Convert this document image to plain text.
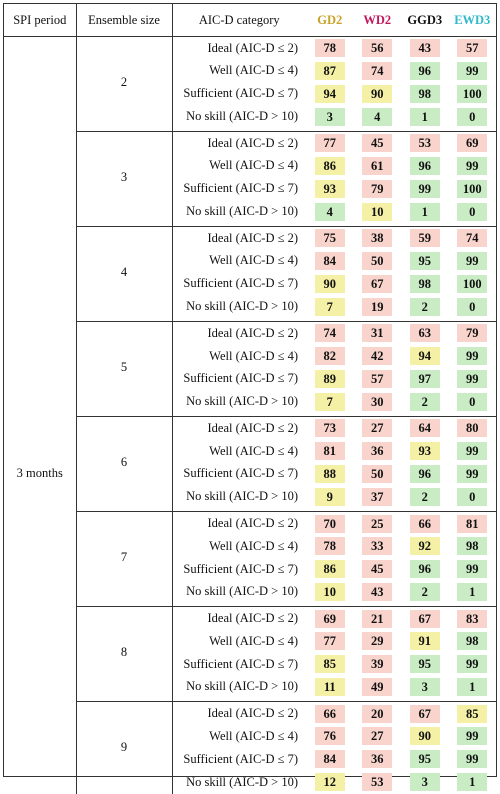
SPI period	Ensemble size	AIC-D category	GD2	WD2	GGD3	EWD3
	2	Ideal (AIC-D ≤ 2)	78	56	43	57
		Well (AIC-D ≤ 4)	87	74	96	99
		Sufficient (AIC-D ≤ 7)	94	90	98	100
		No skill (AIC-D > 10)	3	4	1	0

	3	Ideal (AIC-D ≤ 2)	77	45	53	69
		Well (AIC-D ≤ 4)	86	61	96	99
		Sufficient (AIC-D ≤ 7)	93	79	99	100
		No skill (AIC-D > 10)	4	10	1	0

	4	Ideal (AIC-D ≤ 2)	75	38	59	74
		Well (AIC-D ≤ 4)	84	50	95	99
		Sufficient (AIC-D ≤ 7)	90	67	98	100
		No skill (AIC-D > 10)	7	19	2	0

	5	Ideal (AIC-D ≤ 2)	74	31	63	79
		Well (AIC-D ≤ 4)	82	42	94	99
		Sufficient (AIC-D ≤ 7)	89	57	97	99
		No skill (AIC-D > 10)	7	30	2	0

	6	Ideal (AIC-D ≤ 2)	73	27	64	80
		Well (AIC-D ≤ 4)	81	36	93	99
3 months		Sufficient (AIC-D ≤ 7)	88	50	96	99
		No skill (AIC-D > 10)	9	37	2	0

	7	Ideal (AIC-D ≤ 2)	70	25	66	81
		Well (AIC-D ≤ 4)	78	33	92	98
		Sufficient (AIC-D ≤ 7)	86	45	96	99
		No skill (AIC-D > 10)	10	43	2	1

	8	Ideal (AIC-D ≤ 2)	69	21	67	83
		Well (AIC-D ≤ 4)	77	29	91	98
		Sufficient (AIC-D ≤ 7)	85	39	95	99
		No skill (AIC-D > 10)	11	49	3	1

	9	Ideal (AIC-D ≤ 2)	66	20	67	85
		Well (AIC-D ≤ 4)	76	27	90	99
		Sufficient (AIC-D ≤ 7)	84	36	95	99
		No skill (AIC-D > 10)	12	53	3	1
